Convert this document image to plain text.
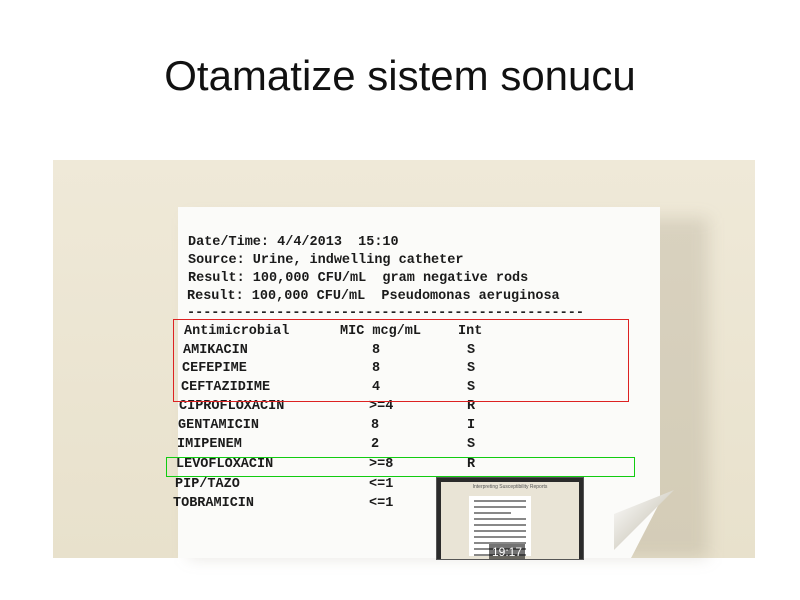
Otamatize sistem sonucu
Date/Time: 4/4/2013  15:10
Source: Urine, indwelling catheter
Result: 100,000 CFU/mL  gram negative rods
Result: 100,000 CFU/mL  Pseudomonas aeruginosa
-------------------------------------------------
Antimicrobial	MIC mcg/mL	Int
AMIKACIN	8	S
CEFEPIME	8	S
CEFTAZIDIME	4	S
CIPROFLOXACIN	>=4	R
GENTAMICIN	8	I
IMIPENEM	2	S
LEVOFLOXACIN	>=8	R
PIP/TAZO	<=1
TOBRAMICIN	<=1
Interpreting Susceptibility Reports
19:17
